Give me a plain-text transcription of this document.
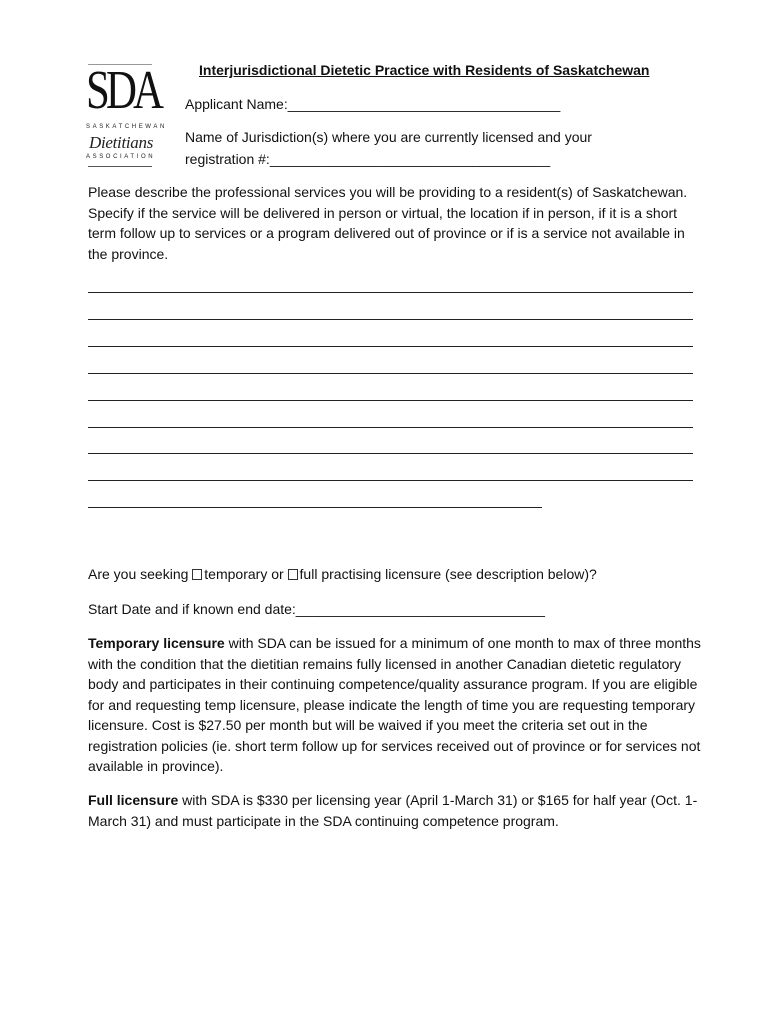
SDA
SASKATCHEWAN
Dietitians
ASSOCIATION
Interjurisdictional Dietetic Practice with Residents of Saskatchewan
Applicant Name:___________________________________
Name of Jurisdiction(s) where you are currently licensed and your
registration #:____________________________________
Please describe the professional services you will be providing to a resident(s) of Saskatchewan. Specify if the service will be delivered in person or virtual, the location if in person, if it is a short term follow up to services or a program delivered out of province or if is a service not available in the province.
Are you seeking temporary or full practising licensure (see description below)?
Start Date and if known end date:________________________________
Temporary licensure with SDA can be issued for a minimum of one month to max of three months with the condition that the dietitian remains fully licensed in another Canadian dietetic regulatory body and participates in their continuing competence/quality assurance program. If you are eligible for and requesting temp licensure, please indicate the length of time you are requesting temporary licensure. Cost is $27.50 per month but will be waived if you meet the criteria set out in the registration policies (ie. short term follow up for services received out of province or for services not available in province).
Full licensure with SDA is $330 per licensing year (April 1-March 31) or $165 for half year (Oct. 1-March 31) and must participate in the SDA continuing competence program.
